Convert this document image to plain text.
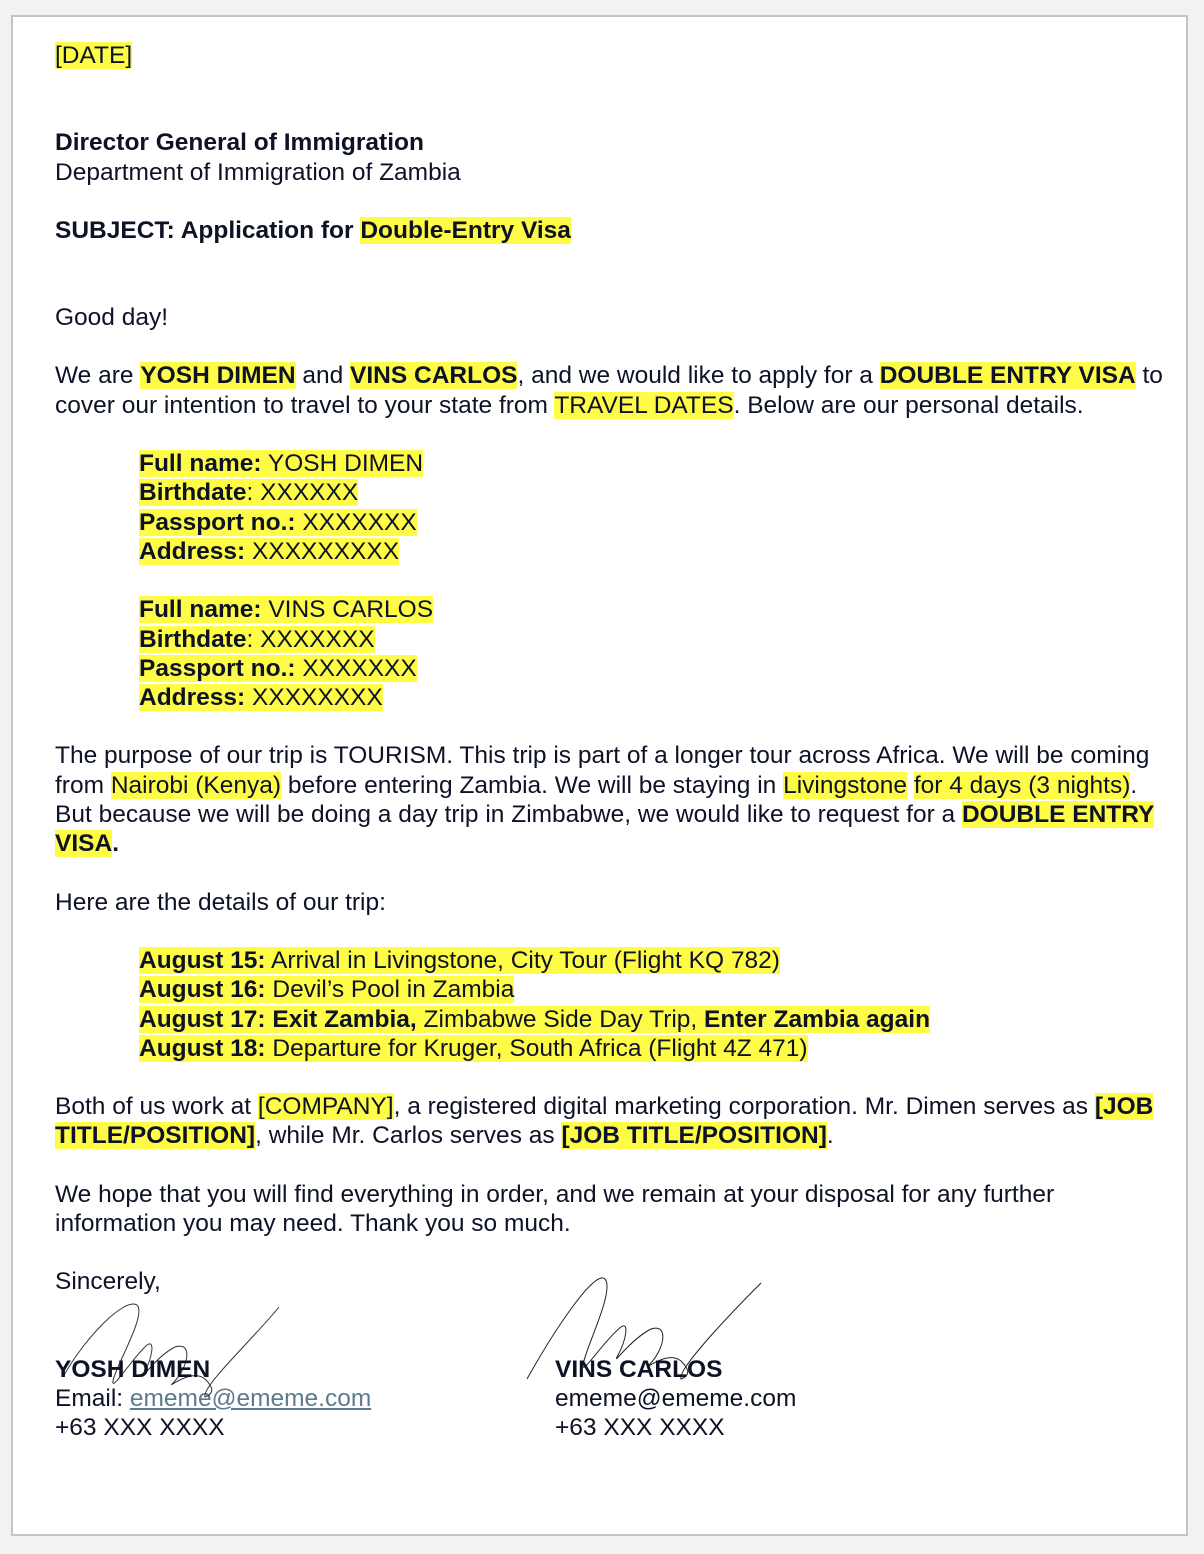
[DATE]

Director General of Immigration

Department of Immigration of Zambia

SUBJECT: Application for Double-Entry Visa

Good day!

We are YOSH DIMEN and VINS CARLOS, and we would like to apply for a DOUBLE ENTRY VISA to cover our intention to travel to your state from TRAVEL DATES. Below are our personal details.

Full name: YOSH DIMEN

Birthdate: XXXXXX

Passport no.: XXXXXXX

Address: XXXXXXXXX

Full name: VINS CARLOS

Birthdate: XXXXXXX

Passport no.: XXXXXXX

Address: XXXXXXXX

The purpose of our trip is TOURISM. This trip is part of a longer tour across Africa. We will be coming from Nairobi (Kenya) before entering Zambia. We will be staying in Livingstone for 4 days (3 nights). But because we will be doing a day trip in Zimbabwe, we would like to request for a DOUBLE ENTRY VISA.

Here are the details of our trip:

August 15: Arrival in Livingstone, City Tour (Flight KQ 782)

August 16: Devil’s Pool in Zambia

August 17: Exit Zambia, Zimbabwe Side Day Trip, Enter Zambia again

August 18: Departure for Kruger, South Africa (Flight 4Z 471)

Both of us work at [COMPANY], a registered digital marketing corporation. Mr. Dimen serves as [JOB TITLE/POSITION], while Mr. Carlos serves as [JOB TITLE/POSITION].

We hope that you will find everything in order, and we remain at your disposal for any further information you may need. Thank you so much.

Sincerely,

YOSH DIMEN

Email: ememe@ememe.com

+63 XXX XXXX

VINS CARLOS

ememe@ememe.com

+63 XXX XXXX
